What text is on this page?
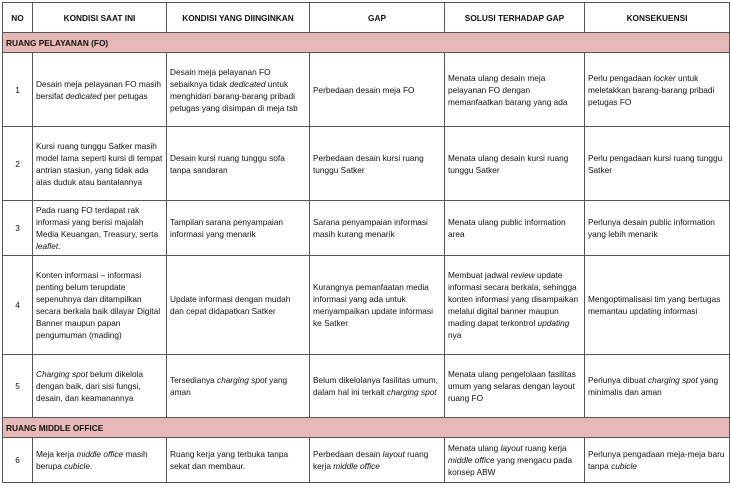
NO	KONDISI SAAT INI	KONDISI YANG DIINGINKAN	GAP	SOLUSI TERHADAP GAP	KONSEKUENSI
RUANG PELAYANAN (FO)					
1	Desain meja pelayanan FO masih bersifat dedicated per petugas	Desain meja pelayanan FO sebaiknya tidak dedicated untuk menghidari barang-barang pribadi petugas yang disimpan di meja tsb	Perbedaan desain meja FO	Menata ulang desain meja pelayanan FO dengan memanfaatkan barang yang ada	Perlu pengadaan locker untuk meletakkan barang-barang pribadi petugas FO
2	Kursi ruang tunggu Satker masih model lama seperti kursi di tempat antrian stasiun, yang tidak ada alas duduk atau bantalannya	Desain kursi ruang tunggu sofa tanpa sandaran	Perbedaan desain kursi ruang tunggu Satker	Menata ulang desain kursi ruang tunggu Satker	Perlu pengadaan kursi ruang tunggu Satker
3	Pada ruang FO terdapat rak informasi yang berisi majalah Media Keuangan, Treasury, serta leaflet.	Tampilan sarana penyampaian informasi yang menarik	Sarana penyampaian informasi masih kurang menarik	Menata ulang public information area	Perlunya desain public information yang lebih menarik
4	Konten informasi – informasi penting belum terupdate sepenuhnya dan ditampilkan secara berkala baik dilayar Digital Banner maupun papan pengumuman (mading)	Update informasi dengan mudah dan cepat didapatkan Satker	Kurangnya pemanfaatan media informasi yang ada untuk menyampaikan update informasi ke Satker	Membuat jadwal review update informasi secara berkala, sehingga konten informasi yang disampaikan melalui digital banner maupun mading dapat terkontrol updating nya	Mengoptimalisasi tim yang bertugas memantau updating informasi
5	Charging spot belum dikelola dengan baik, dari sisi fungsi, desain, dan keamanannya	Tersedianya charging spot yang aman	Belum dikelolanya fasilitas umum, dalam hal ini terkait charging spot	Menata ulang pengelolaan fasilitas umum yang selaras dengan layout ruang FO	Perlunya dibuat charging spot yang minimalis dan aman
RUANG MIDDLE OFFICE					
6	Meja kerja middle office masih berupa cubicle.	Ruang kerja yang terbuka tanpa sekat dan membaur.	Perbedaan desain layout ruang kerja middle office	Menata ulang layout ruang kerja middle office yang mengacu pada konsep ABW	Perlunya pengadaan meja-meja baru tanpa cubicle
